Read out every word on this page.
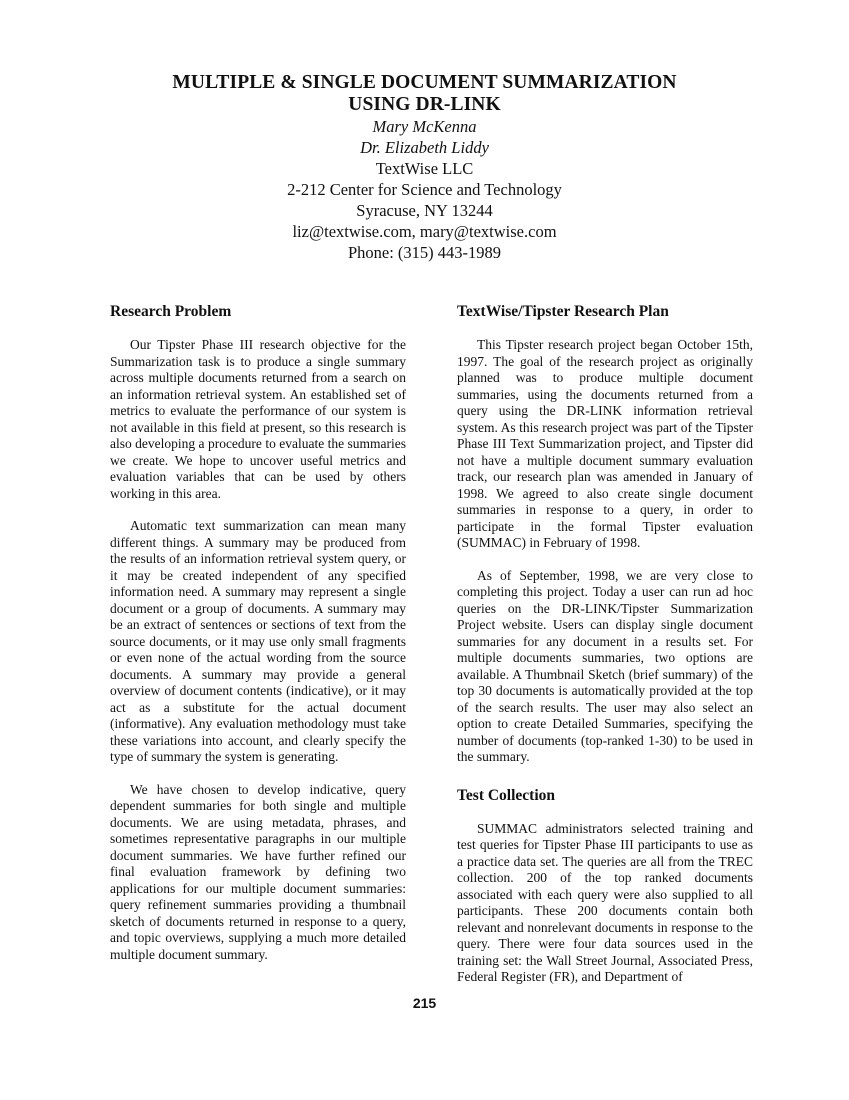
MULTIPLE & SINGLE DOCUMENT SUMMARIZATION

USING DR-LINK

Mary McKenna

Dr. Elizabeth Liddy

TextWise LLC

2-212 Center for Science and Technology

Syracuse, NY 13244

liz@textwise.com, mary@textwise.com

Phone: (315) 443-1989

Research Problem

Our Tipster Phase III research objective for the Summarization task is to produce a single summary across multiple documents returned from a search on an information retrieval system. An established set of metrics to evaluate the performance of our system is not available in this field at present, so this research is also developing a procedure to evaluate the summaries we create. We hope to uncover useful metrics and evaluation variables that can be used by others working in this area.

Automatic text summarization can mean many different things. A summary may be produced from the results of an information retrieval system query, or it may be created independent of any specified information need. A summary may represent a single document or a group of documents. A summary may be an extract of sentences or sections of text from the source documents, or it may use only small fragments or even none of the actual wording from the source documents. A summary may provide a general overview of document contents (indicative), or it may act as a substitute for the actual document (informative). Any evaluation methodology must take these variations into account, and clearly specify the type of summary the system is generating.

We have chosen to develop indicative, query dependent summaries for both single and multiple documents. We are using metadata, phrases, and sometimes representative paragraphs in our multiple document summaries. We have further refined our final evaluation framework by defining two applications for our multiple document summaries: query refinement summaries providing a thumbnail sketch of documents returned in response to a query, and topic overviews, supplying a much more detailed multiple document summary.

TextWise/Tipster Research Plan

This Tipster research project began October 15th, 1997. The goal of the research project as originally planned was to produce multiple document summaries, using the documents returned from a query using the DR-LINK information retrieval system. As this research project was part of the Tipster Phase III Text Summarization project, and Tipster did not have a multiple document summary evaluation track, our research plan was amended in January of 1998. We agreed to also create single document summaries in response to a query, in order to participate in the formal Tipster evaluation (SUMMAC) in February of 1998.

As of September, 1998, we are very close to completing this project. Today a user can run ad hoc queries on the DR-LINK/Tipster Summarization Project website. Users can display single document summaries for any document in a results set. For multiple documents summaries, two options are available. A Thumbnail Sketch (brief summary) of the top 30 documents is automatically provided at the top of the search results. The user may also select an option to create Detailed Summaries, specifying the number of documents (top-ranked 1-30) to be used in the summary.

Test Collection

SUMMAC administrators selected training and test queries for Tipster Phase III participants to use as a practice data set. The queries are all from the TREC collection. 200 of the top ranked documents associated with each query were also supplied to all participants. These 200 documents contain both relevant and nonrelevant documents in response to the query. There were four data sources used in the training set: the Wall Street Journal, Associated Press, Federal Register (FR), and Department of

215
